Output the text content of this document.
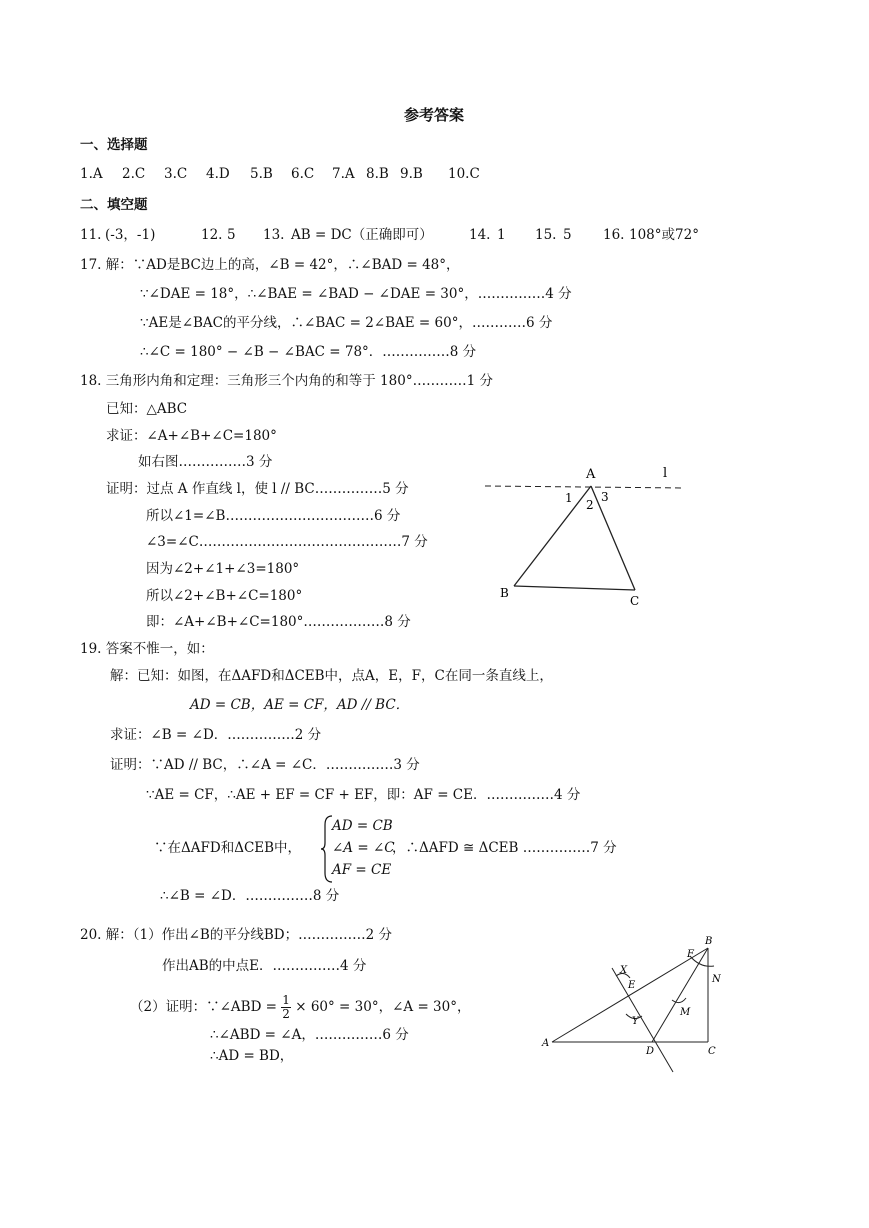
参考答案
一、选择题
1.A 2.C 3.C 4.D 5.B 6.C 7.A 8.B 9.B 10.C
二、填空题
11. (-3，-1)	12. 5 13. AB = DC（正确即可）	14. 1 15. 5 16. 108°或72°
17. 解：∵AD是BC边上的高，∠B = 42°，∴∠BAD = 48°，
∵∠DAE = 18°，∴∠BAE = ∠BAD − ∠DAE = 30°，……………4 分
∵AE是∠BAC的平分线，∴∠BAC = 2∠BAE = 60°，…………6 分
∴∠C = 180° − ∠B − ∠BAC = 78°．……………8 分
18. 三角形内角和定理：三角形三个内角的和等于 180°…………1 分
已知：△ABC
求证：∠A+∠B+∠C=180°
如右图……………3 分
证明：过点 A 作直线 l，使 l // BC……………5 分
所以∠1=∠B……………………………6 分
∠3=∠C………………………………………7 分
因为∠2+∠1+∠3=180°
所以∠2+∠B+∠C=180°
即：∠A+∠B+∠C=180°………………8 分
A	l
1 2
3
B
C
19. 答案不惟一，如：
解：已知：如图，在ΔAFD和ΔCEB中，点A，E，F，C在同一条直线上，
AD = CB，AE = CF，AD // BC．
求证：∠B = ∠D．……………2 分
证明：∵AD // BC，∴∠A = ∠C．……………3 分
∵AE = CF，∴AE + EF = CF + EF，即：AF = CE．……………4 分
∵在ΔAFD和ΔCEB中，
AD = CB
∠A = ∠C
AF = CE
，∴ΔAFD ≅ ΔCEB ……………7 分
∴∠B = ∠D．……………8 分
20. 解：（1）作出∠B的平分线BD；……………2 分
作出AB的中点E．……………4 分
（2）证明：∵∠ABD = $\frac{1}{2} \times 60^\circ = 30^\circ$，∠A = 30°，
∴∠ABD = ∠A，……………6 分
∴AD = BD，
B
F
N
X
E
M
Y
A
D	C
